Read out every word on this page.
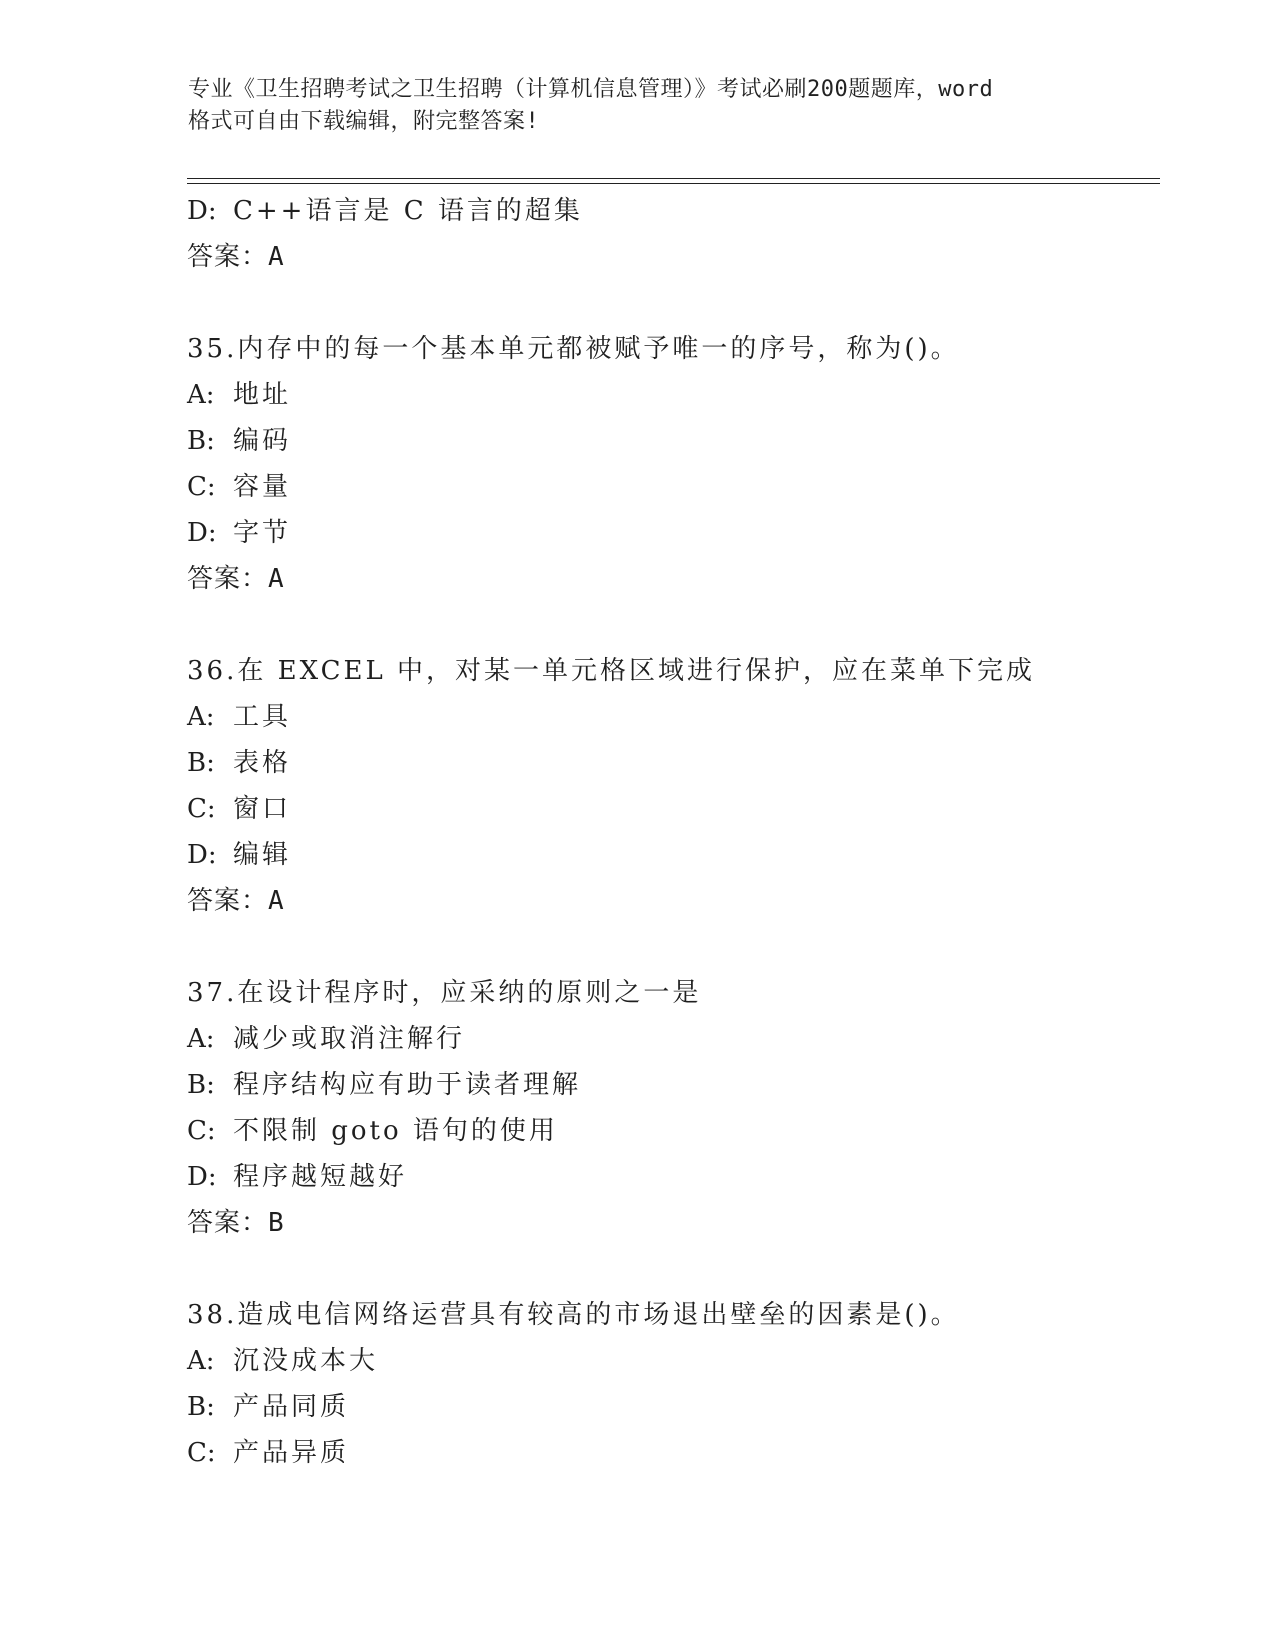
专业《卫生招聘考试之卫生招聘（计算机信息管理）》考试必刷200题题库，word
格式可自由下载编辑，附完整答案!
D: C++语言是 C 语言的超集
答案：A
35.内存中的每一个基本单元都被赋予唯一的序号，称为()。
A: 地址
B: 编码
C: 容量
D: 字节
答案：A
36.在 EXCEL 中，对某一单元格区域进行保护，应在菜单下完成
A: 工具
B: 表格
C: 窗口
D: 编辑
答案：A
37.在设计程序时，应采纳的原则之一是
A: 减少或取消注解行
B: 程序结构应有助于读者理解
C: 不限制 goto 语句的使用
D: 程序越短越好
答案：B
38.造成电信网络运营具有较高的市场退出壁垒的因素是()。
A: 沉没成本大
B: 产品同质
C: 产品异质
